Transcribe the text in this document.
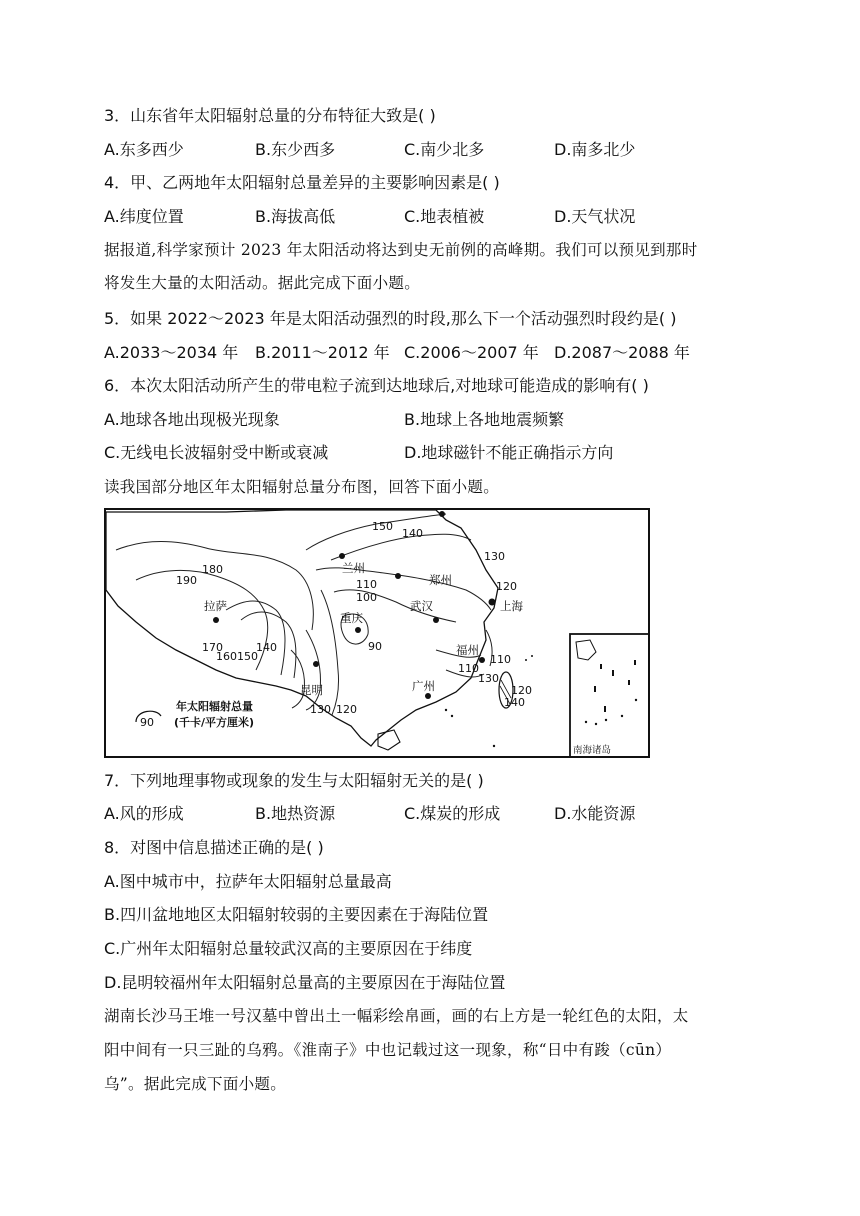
3．山东省年太阳辐射总量的分布特征大致是( )
A.东多西少	B.东少西多	C.南少北多	D.南多北少
4．甲、乙两地年太阳辐射总量差异的主要影响因素是( )
A.纬度位置	B.海拔高低	C.地表植被	D.天气状况
据报道,科学家预计 2023 年太阳活动将达到史无前例的高峰期。我们可以预见到那时
将发生大量的太阳活动。据此完成下面小题。
5．如果 2022～2023 年是太阳活动强烈的时段,那么下一个活动强烈时段约是( )
A.2033～2034 年 B.2011～2012 年 C.2006～2007 年 D.2087～2088 年
6．本次太阳活动所产生的带电粒子流到达地球后,对地球可能造成的影响有( )
A.地球各地出现极光现象	B.地球上各地地震频繁
C.无线电长波辐射受中断或衰减	D.地球磁针不能正确指示方向
读我国部分地区年太阳辐射总量分布图，回答下面小题。
150
140
130
120
190
180
110
100
90
170
160150
140
110
110
130
120
140
130 120
兰州
郑州
拉萨	武汉	上海
重庆
福州
昆明	广州
90
年太阳辐射总量
(千卡/平方厘米)
南海诸岛
7．下列地理事物或现象的发生与太阳辐射无关的是( )
A.风的形成	B.地热资源	C.煤炭的形成	D.水能资源
8．对图中信息描述正确的是( )
A.图中城市中，拉萨年太阳辐射总量最高
B.四川盆地地区太阳辐射较弱的主要因素在于海陆位置
C.广州年太阳辐射总量较武汉高的主要原因在于纬度
D.昆明较福州年太阳辐射总量高的主要原因在于海陆位置
湖南长沙马王堆一号汉墓中曾出土一幅彩绘帛画，画的右上方是一轮红色的太阳，太
阳中间有一只三趾的乌鸦。《淮南子》中也记载过这一现象，称“日中有踆（cūn）
乌”。据此完成下面小题。
